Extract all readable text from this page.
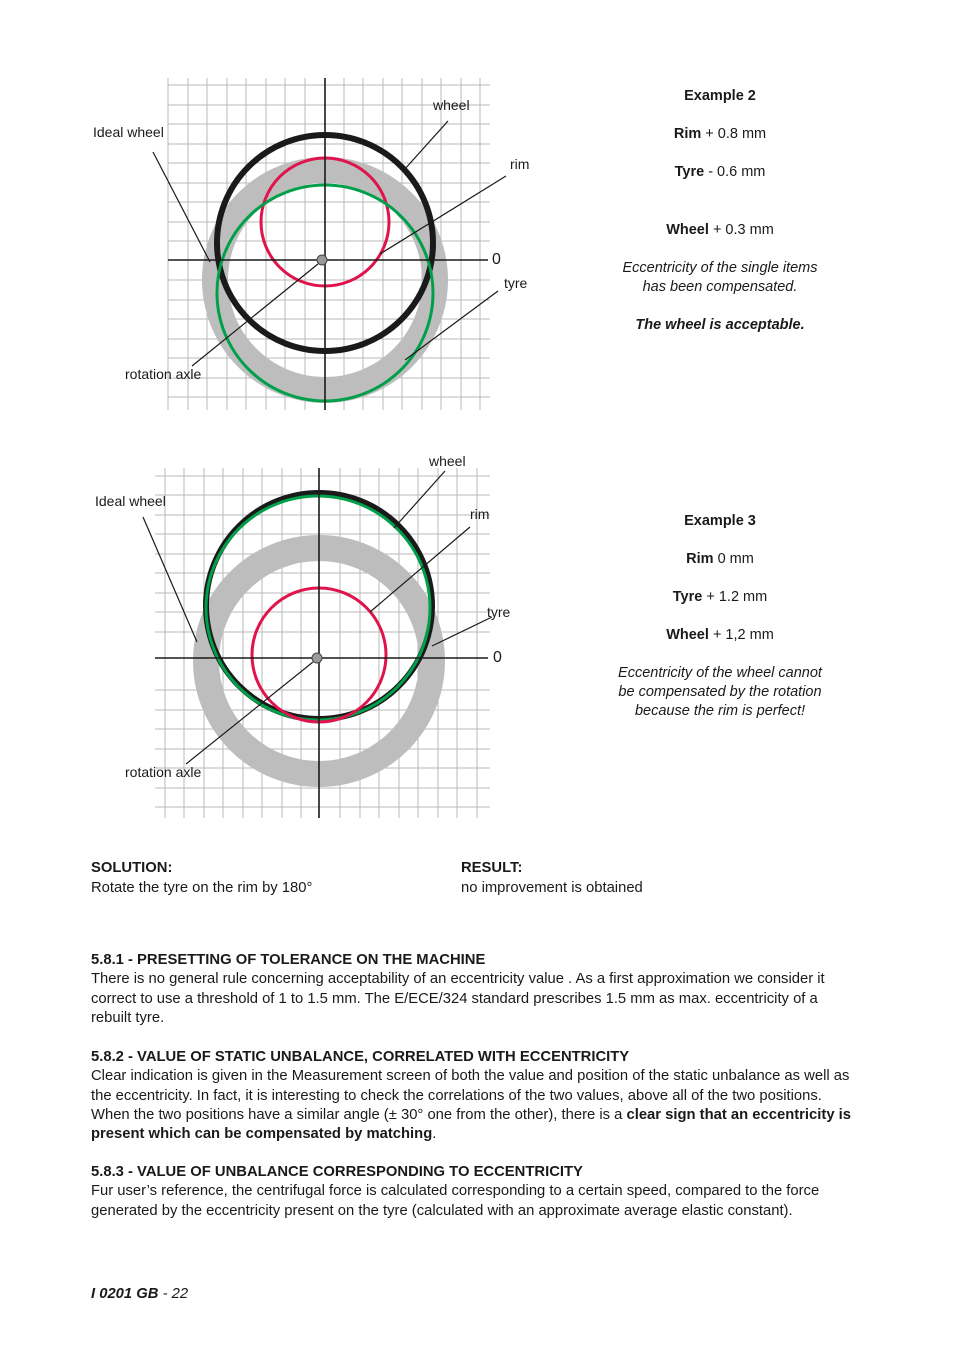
Ideal wheel
wheel
rim
tyre
0
rotation axle

Example 2

Rim + 0.8 mm

Tyre - 0.6 mm

Wheel + 0.3 mm

Eccentricity of the single items

has been compensated.

The wheel is acceptable.

Ideal wheel
wheel
rim
tyre
0
rotation axle

Example 3

Rim 0 mm

Tyre + 1.2 mm

Wheel + 1,2 mm

Eccentricity of the wheel cannot

be compensated by the rotation

because the rim is perfect!

SOLUTION:
Rotate the tyre on the rim by 180°
RESULT:
no improvement is obtained
5.8.1 - PRESETTING OF TOLERANCE ON THE MACHINE

There is no general rule concerning acceptability of an eccentricity value . As a first approximation we consider it correct to use a threshold of 1 to 1.5 mm. The E/ECE/324 standard prescribes 1.5 mm as max. eccentricity of a rebuilt tyre.

5.8.2 - VALUE OF STATIC UNBALANCE, CORRELATED WITH ECCENTRICITY

Clear indication is given in the Measurement screen of both the value and position of the static unbalance as well as the eccentricity. In fact, it is interesting to check the correlations of the two values, above all of the two positions. When the two positions have a similar angle (± 30° one from the other), there is a clear sign that an eccentricity is present which can be compensated by matching.

5.8.3 - VALUE OF UNBALANCE CORRESPONDING TO ECCENTRICITY

Fur user’s reference, the centrifugal force is calculated corresponding to a certain speed, compared to the force generated by the eccentricity present on the tyre (calculated with an approximate average elastic constant).

I 0201 GB - 22
